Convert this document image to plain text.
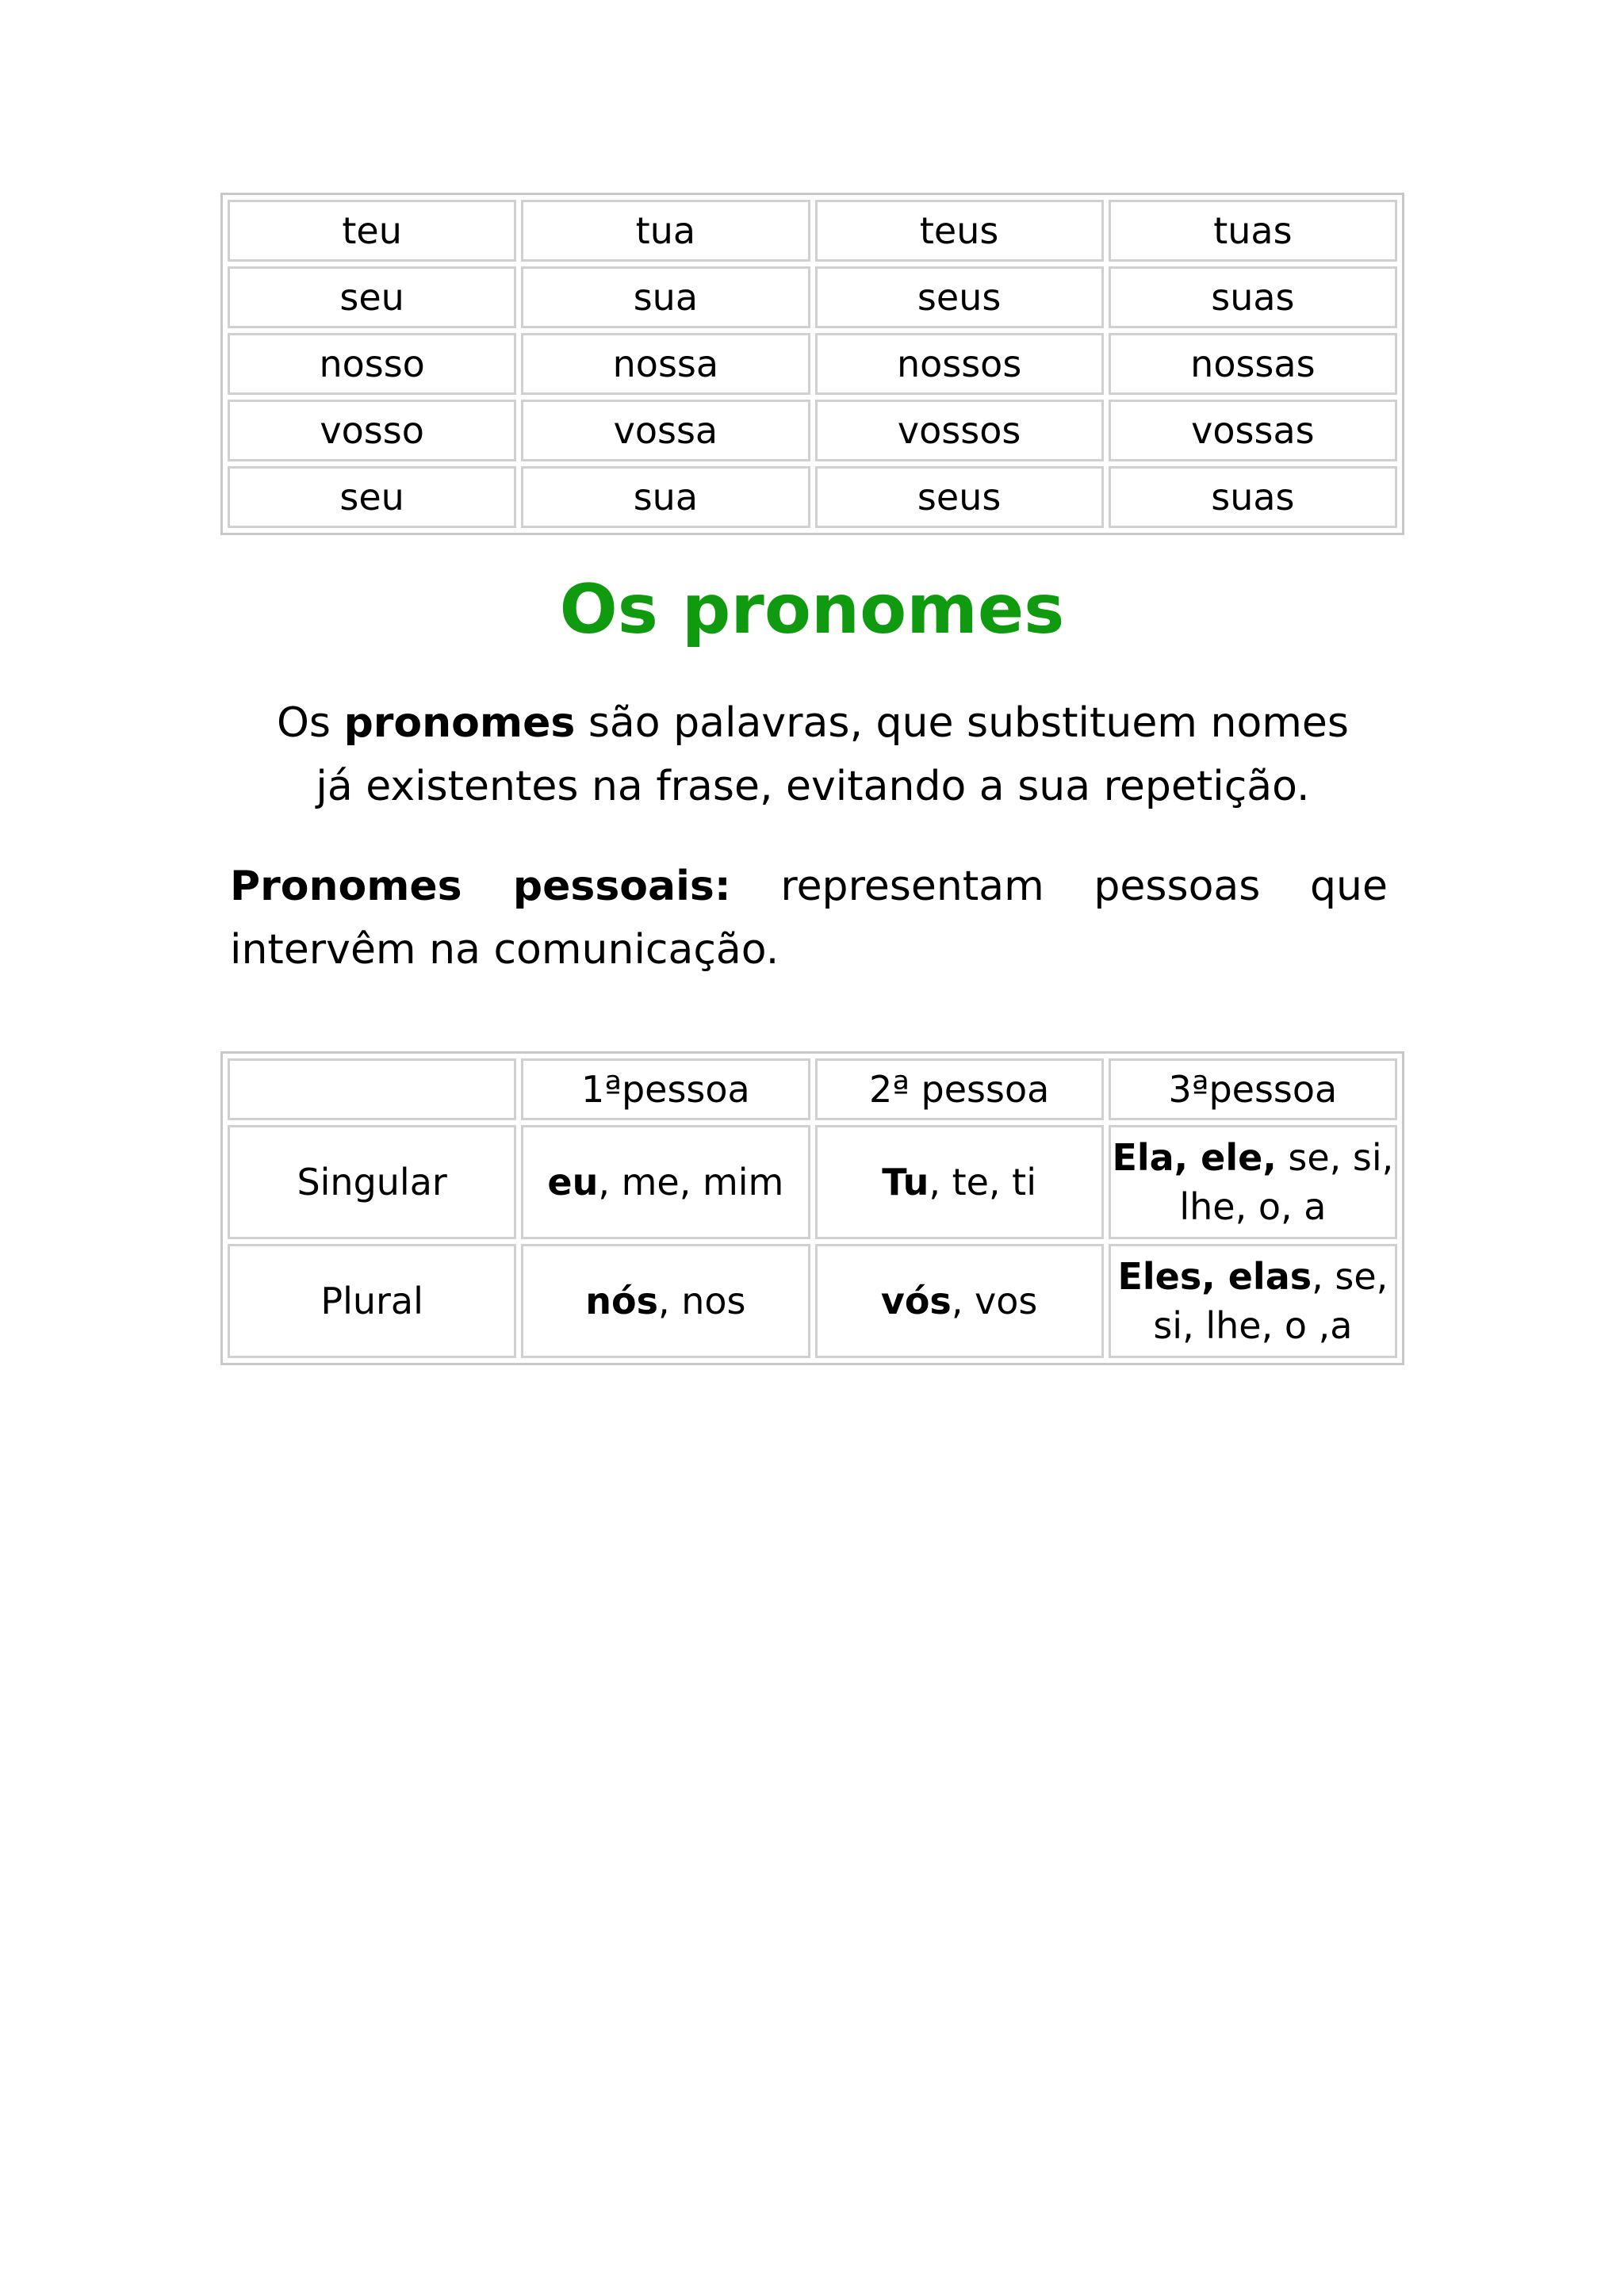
teu	tua	teus	tuas
seu	sua	seus	suas
nosso	nossa	nossos	nossas
vosso	vossa	vossos	vossas
seu	sua	seus	suas
Os pronomes

Os pronomes são palavras, que substituem nomes já existentes na frase, evitando a sua repetição.

Pronomes pessoais: representam pessoas que intervêm na comunicação.

	1ªpessoa	2ª pessoa	3ªpessoa
Singular	eu, me, mim	Tu, te, ti	Ela, ele, se, si, lhe, o, a
Plural	nós, nos	vós, vos	Eles, elas, se, si, lhe, o ,a
